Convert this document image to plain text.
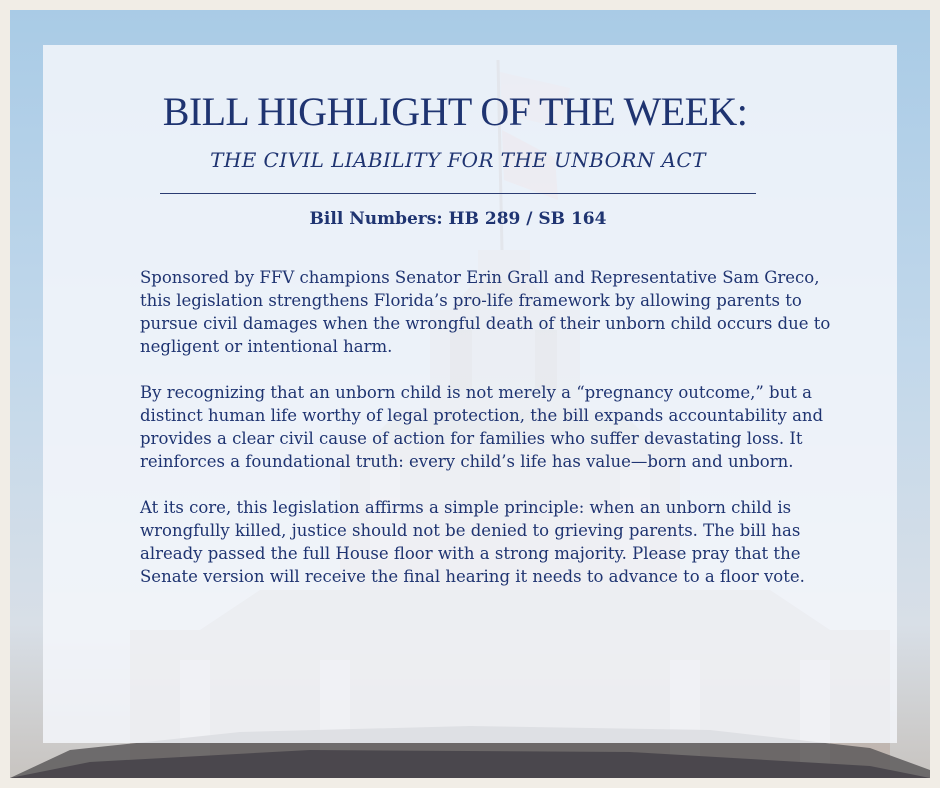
BILL HIGHLIGHT OF THE WEEK:
THE CIVIL LIABILITY FOR THE UNBORN ACT
Bill Numbers: HB 289 / SB 164

Sponsored by FFV champions Senator Erin Grall and Representative Sam Greco, this legislation strengthens Florida’s pro-life framework by allowing parents to pursue civil damages when the wrongful death of their unborn child occurs due to negligent or intentional harm.

By recognizing that an unborn child is not merely a “pregnancy outcome,” but a distinct human life worthy of legal protection, the bill expands accountability and provides a clear civil cause of action for families who suffer devastating loss. It reinforces a foundational truth: every child’s life has value—born and unborn.

At its core, this legislation affirms a simple principle: when an unborn child is wrongfully killed, justice should not be denied to grieving parents. The bill has already passed the full House floor with a strong majority. Please pray that the Senate version will receive the final hearing it needs to advance to a floor vote.
